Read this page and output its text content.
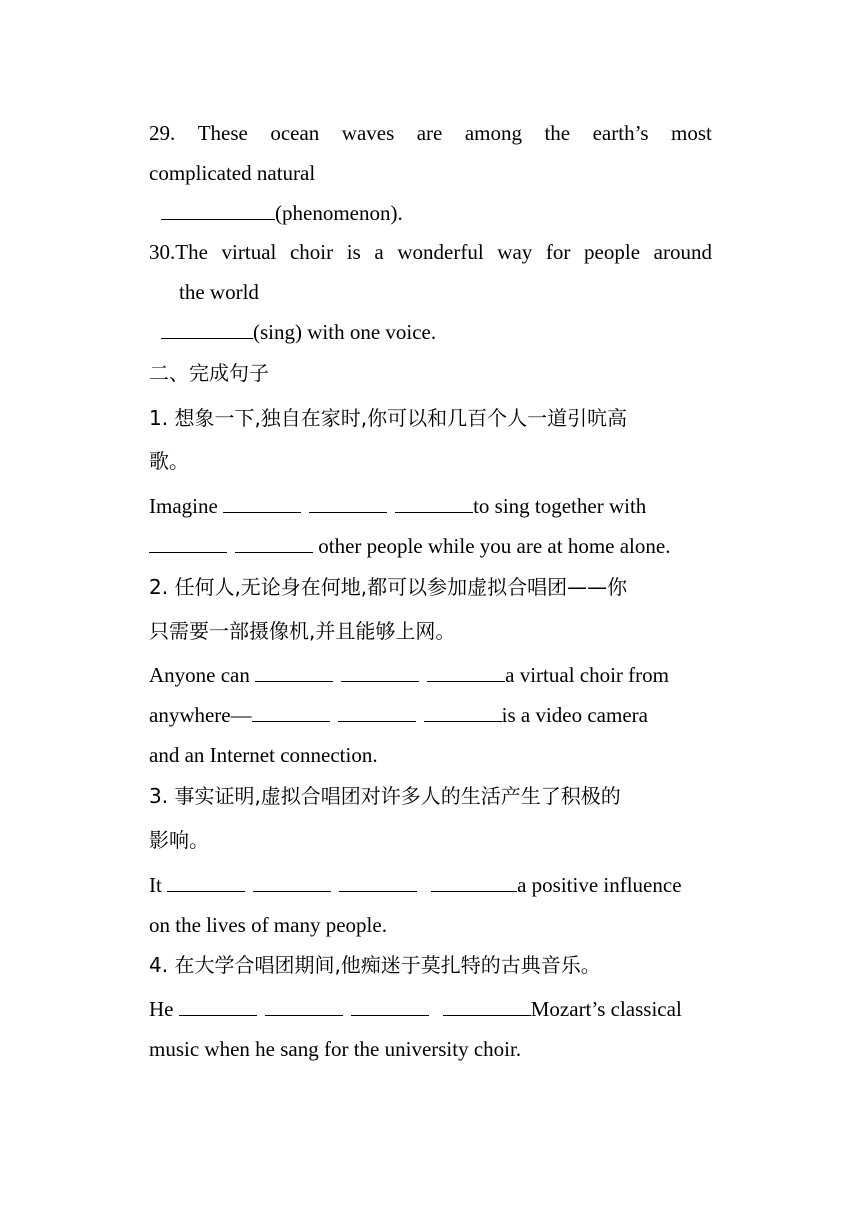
29. These ocean waves are among the earth’s most
complicated natural
(phenomenon).
30.The virtual choir is a wonderful way for people around
the world
(sing) with one voice.
二、完成句子
1. 想象一下,独自在家时,你可以和几百个人一道引吭高
歌。
Imagine	to sing together with
other people while you are at home alone.
2. 任何人,无论身在何地,都可以参加虚拟合唱团——你
只需要一部摄像机,并且能够上网。
Anyone can	a virtual choir from
anywhere—	is a video camera
and an Internet connection.
3. 事实证明,虚拟合唱团对许多人的生活产生了积极的
影响。
It	a positive influence
on the lives of many people.
4. 在大学合唱团期间,他痴迷于莫扎特的古典音乐。
He	Mozart’s classical
music when he sang for the university choir.
